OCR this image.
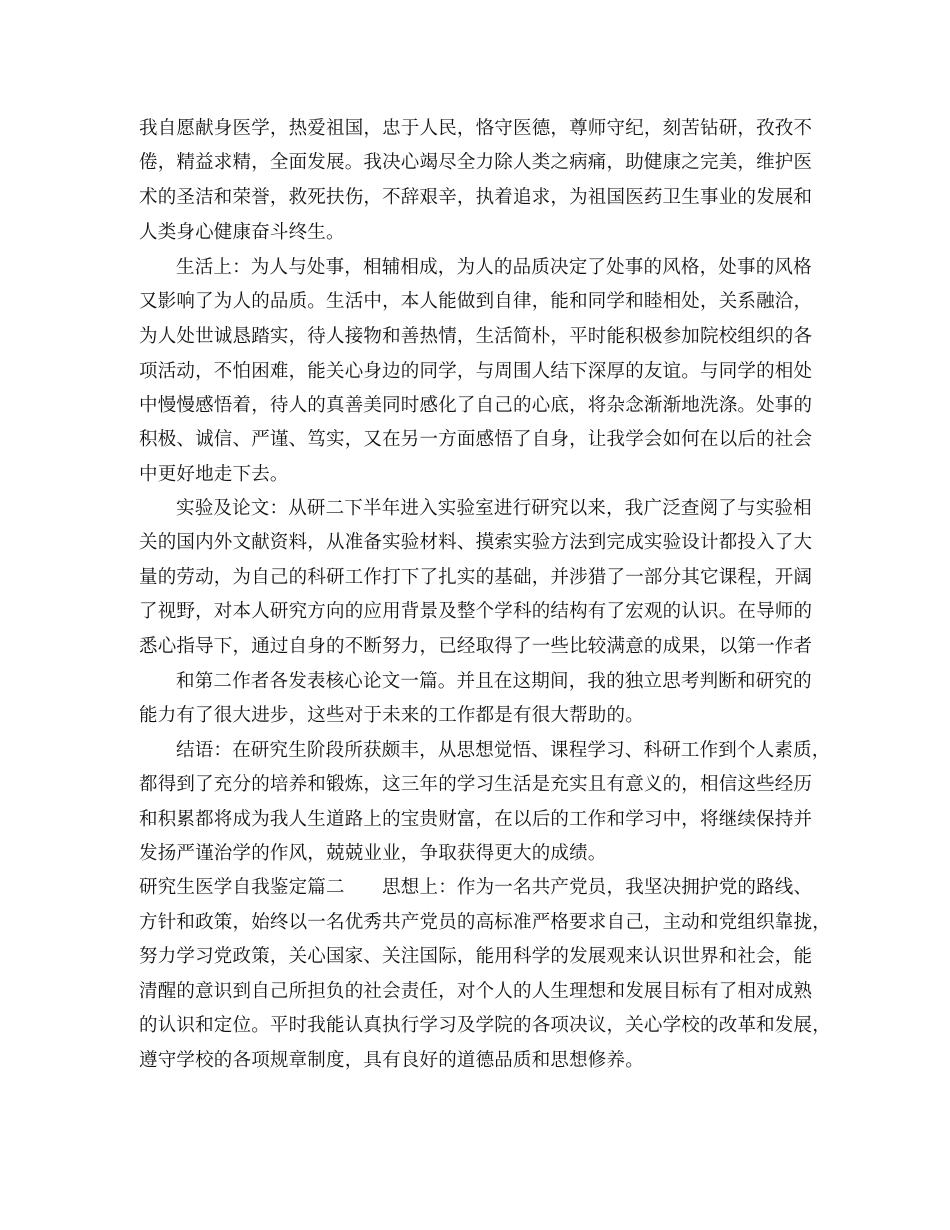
我自愿献身医学，热爱祖国，忠于人民，恪守医德，尊师守纪，刻苦钻研，孜孜不
倦，精益求精，全面发展。我决心竭尽全力除人类之病痛，助健康之完美，维护医
术的圣洁和荣誉，救死扶伤，不辞艰辛，执着追求，为祖国医药卫生事业的发展和
人类身心健康奋斗终生。
生活上：为人与处事，相辅相成，为人的品质决定了处事的风格，处事的风格
又影响了为人的品质。生活中，本人能做到自律，能和同学和睦相处，关系融洽，
为人处世诚恳踏实，待人接物和善热情，生活简朴，平时能积极参加院校组织的各
项活动，不怕困难，能关心身边的同学，与周围人结下深厚的友谊。与同学的相处
中慢慢感悟着，待人的真善美同时感化了自己的心底，将杂念渐渐地洗涤。处事的
积极、诚信、严谨、笃实，又在另一方面感悟了自身，让我学会如何在以后的社会
中更好地走下去。
实验及论文：从研二下半年进入实验室进行研究以来，我广泛查阅了与实验相
关的国内外文献资料，从准备实验材料、摸索实验方法到完成实验设计都投入了大
量的劳动，为自己的科研工作打下了扎实的基础，并涉猎了一部分其它课程，开阔
了视野，对本人研究方向的应用背景及整个学科的结构有了宏观的认识。在导师的
悉心指导下，通过自身的不断努力，已经取得了一些比较满意的成果，以第一作者
和第二作者各发表核心论文一篇。并且在这期间，我的独立思考判断和研究的
能力有了很大进步，这些对于未来的工作都是有很大帮助的。
结语：在研究生阶段所获颇丰，从思想觉悟、课程学习、科研工作到个人素质，
都得到了充分的培养和锻炼，这三年的学习生活是充实且有意义的，相信这些经历
和积累都将成为我人生道路上的宝贵财富，在以后的工作和学习中，将继续保持并
发扬严谨治学的作风，兢兢业业，争取获得更大的成绩。
研究生医学自我鉴定篇二　　思想上：作为一名共产党员，我坚决拥护党的路线、
方针和政策，始终以一名优秀共产党员的高标准严格要求自己，主动和党组织靠拢，
努力学习党政策，关心国家、关注国际，能用科学的发展观来认识世界和社会，能
清醒的意识到自己所担负的社会责任，对个人的人生理想和发展目标有了相对成熟
的认识和定位。平时我能认真执行学习及学院的各项决议，关心学校的改革和发展，
遵守学校的各项规章制度，具有良好的道德品质和思想修养。
